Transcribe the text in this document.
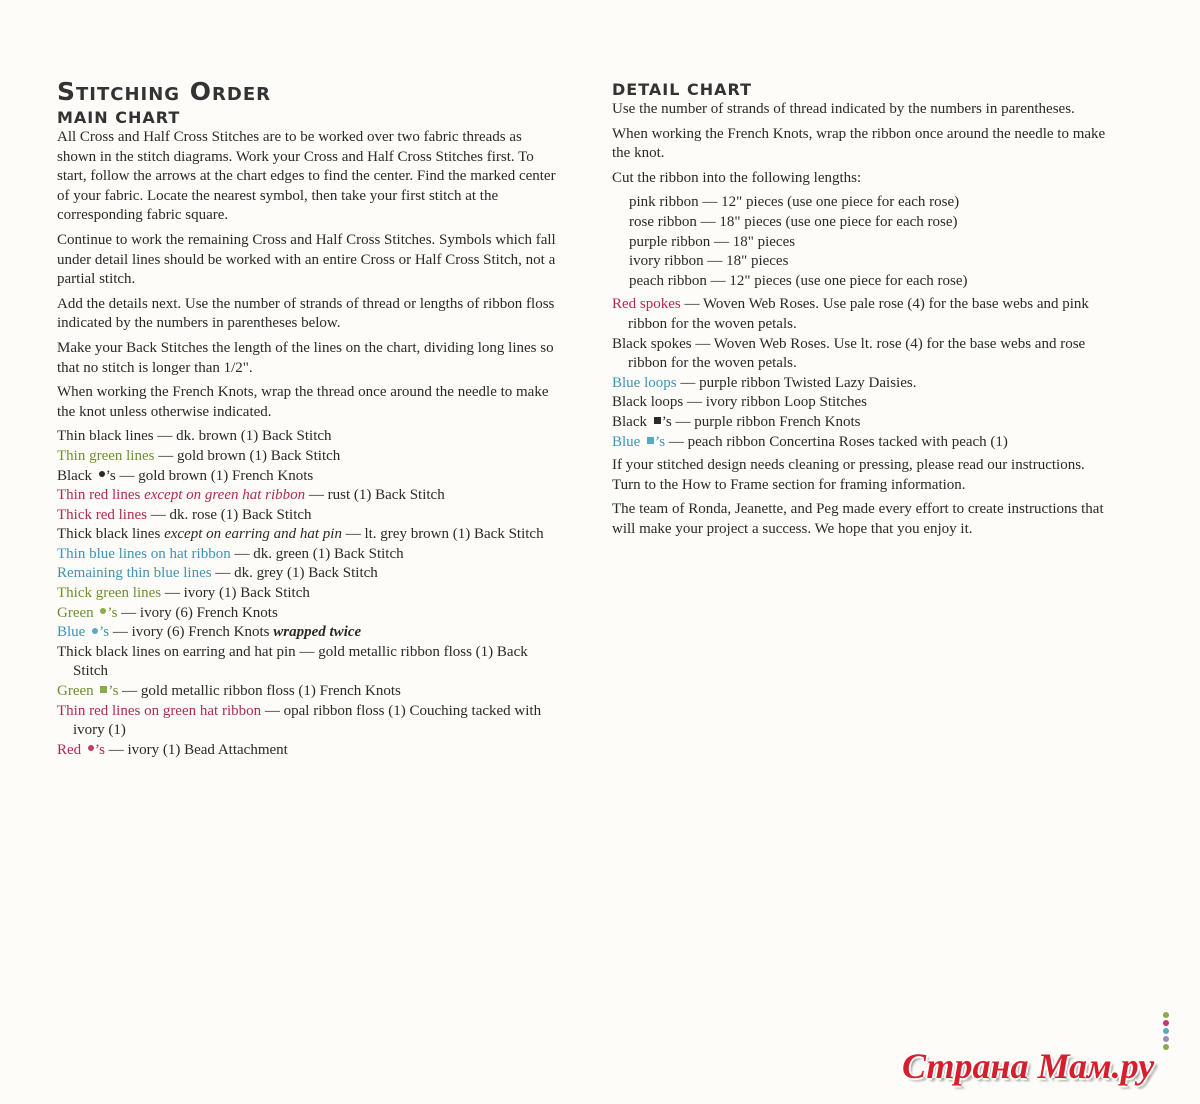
Stitching Order
MAIN CHART

All Cross and Half Cross Stitches are to be worked over two fabric threads as shown in the stitch diagrams. Work your Cross and Half Cross Stitches first. To start, follow the arrows at the chart edges to find the center. Find the marked center of your fabric. Locate the nearest symbol, then take your first stitch at the corresponding fabric square.

Continue to work the remaining Cross and Half Cross Stitches. Symbols which fall under detail lines should be worked with an entire Cross or Half Cross Stitch, not a partial stitch.

Add the details next. Use the number of strands of thread or lengths of ribbon floss indicated by the numbers in parentheses below.

Make your Back Stitches the length of the lines on the chart, dividing long lines so that no stitch is longer than 1/2".

When working the French Knots, wrap the thread once around the needle to make the knot unless otherwise indicated.

Thin black lines — dk. brown (1) Back Stitch
Thin green lines — gold brown (1) Back Stitch
Black ’s — gold brown (1) French Knots
Thin red lines except on green hat ribbon — rust (1) Back Stitch
Thick red lines — dk. rose (1) Back Stitch
Thick black lines except on earring and hat pin — lt. grey brown (1) Back Stitch
Thin blue lines on hat ribbon — dk. green (1) Back Stitch
Remaining thin blue lines — dk. grey (1) Back Stitch
Thick green lines — ivory (1) Back Stitch
Green ’s — ivory (6) French Knots
Blue ’s — ivory (6) French Knots wrapped twice
Thick black lines on earring and hat pin — gold metallic ribbon floss (1) Back Stitch
Green ’s — gold metallic ribbon floss (1) French Knots
Thin red lines on green hat ribbon — opal ribbon floss (1) Couching tacked with ivory (1)
Red ’s — ivory (1) Bead Attachment
DETAIL CHART

Use the number of strands of thread indicated by the numbers in parentheses.

When working the French Knots, wrap the ribbon once around the needle to make the knot.

Cut the ribbon into the following lengths:

pink ribbon — 12" pieces (use one piece for each rose)
rose ribbon — 18" pieces (use one piece for each rose)
purple ribbon — 18" pieces
ivory ribbon — 18" pieces
peach ribbon — 12" pieces (use one piece for each rose)
Red spokes — Woven Web Roses. Use pale rose (4) for the base webs and pink ribbon for the woven petals.
Black spokes — Woven Web Roses. Use lt. rose (4) for the base webs and rose ribbon for the woven petals.
Blue loops — purple ribbon Twisted Lazy Daisies.
Black loops — ivory ribbon Loop Stitches
Black ’s — purple ribbon French Knots
Blue ’s — peach ribbon Concertina Roses tacked with peach (1)

If your stitched design needs cleaning or pressing, please read our instructions. Turn to the How to Frame section for framing information.

The team of Ronda, Jeanette, and Peg made every effort to create instructions that will make your project a success. We hope that you enjoy it.

Страна Мам.ру
